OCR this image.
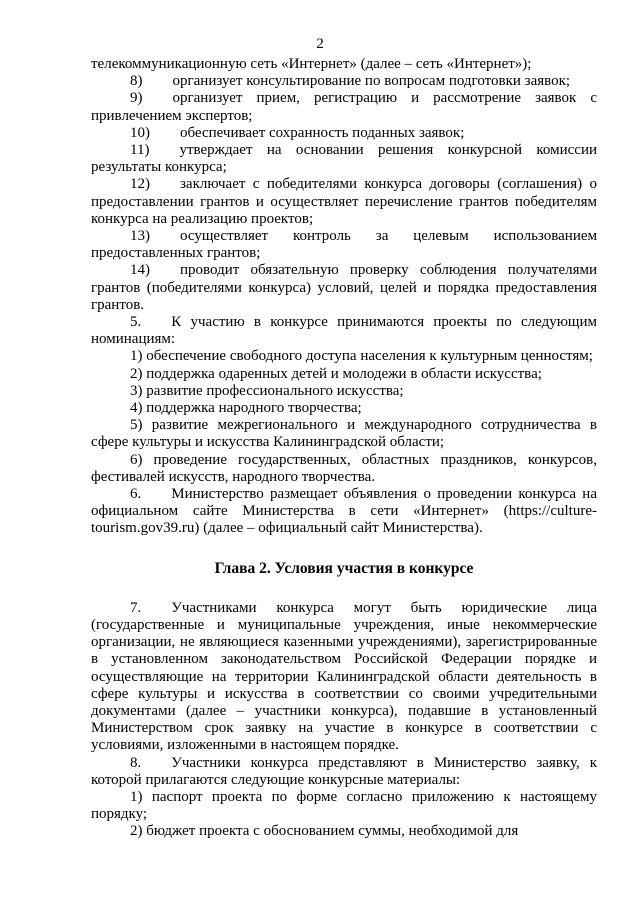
2

телекоммуникационную сеть «Интернет» (далее – сеть «Интернет»);

8)  организует консультирование по вопросам подготовки заявок;

9)  организует прием, регистрацию и рассмотрение заявок с привлечением экспертов;

10)  обеспечивает сохранность поданных заявок;

11)  утверждает на основании решения конкурсной комиссии результаты конкурса;

12)  заключает с победителями конкурса договоры (соглашения) о предоставлении грантов и осуществляет перечисление грантов победителям конкурса на реализацию проектов;

13)  осуществляет контроль за целевым использованием предоставленных грантов;

14)  проводит обязательную проверку соблюдения получателями грантов (победителями конкурса) условий, целей и порядка предоставления грантов.

5.  К участию в конкурсе принимаются проекты по следующим номинациям:

1) обеспечение свободного доступа населения к культурным ценностям;

2) поддержка одаренных детей и молодежи в области искусства;

3) развитие профессионального искусства;

4) поддержка народного творчества;

5) развитие межрегионального и международного сотрудничества в сфере культуры и искусства Калининградской области;

6) проведение государственных, областных праздников, конкурсов, фестивалей искусств, народного творчества.

6.  Министерство размещает объявления о проведении конкурса на официальном сайте Министерства в сети «Интернет» (https://culture-tourism.gov39.ru) (далее – официальный сайт Министерства).

Глава 2. Условия участия в конкурсе

7.  Участниками конкурса могут быть юридические лица (государственные и муниципальные учреждения, иные некоммерческие организации, не являющиеся казенными учреждениями), зарегистрированные в установленном законодательством Российской Федерации порядке и осуществляющие на территории Калининградской области деятельность в сфере культуры и искусства в соответствии со своими учредительными документами (далее – участники конкурса), подавшие в установленный Министерством срок заявку на участие в конкурсе в соответствии с условиями, изложенными в настоящем порядке.

8.  Участники конкурса представляют в Министерство заявку, к которой прилагаются следующие конкурсные материалы:

1) паспорт проекта по форме согласно приложению к настоящему порядку;

2) бюджет проекта с обоснованием суммы, необходимой для
